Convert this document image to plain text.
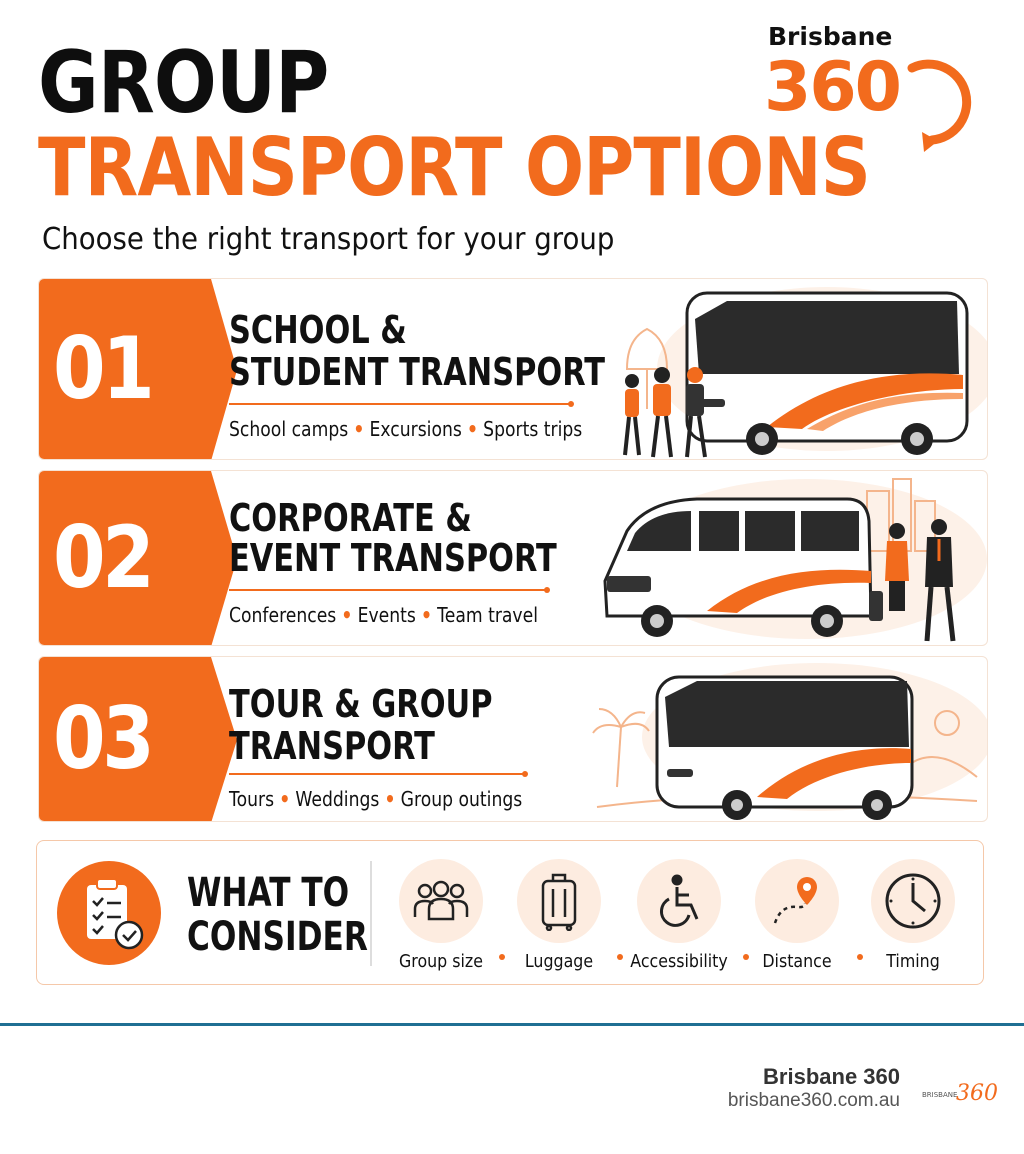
GROUP
TRANSPORT OPTIONS
Choose the right transport for your group
Brisbane
360
01 SCHOOL &
STUDENT TRANSPORT
School camps • Excursions • Sports trips
02 CORPORATE &
EVENT TRANSPORT
Conferences • Events • Team travel
03 TOUR & GROUP
TRANSPORT
Tours • Weddings • Group outings
WHAT TO
CONSIDER
Group size	Luggage	Accessibility	Distance	Timing
Brisbane 360
brisbane360.com.au	BRISBANE
360
